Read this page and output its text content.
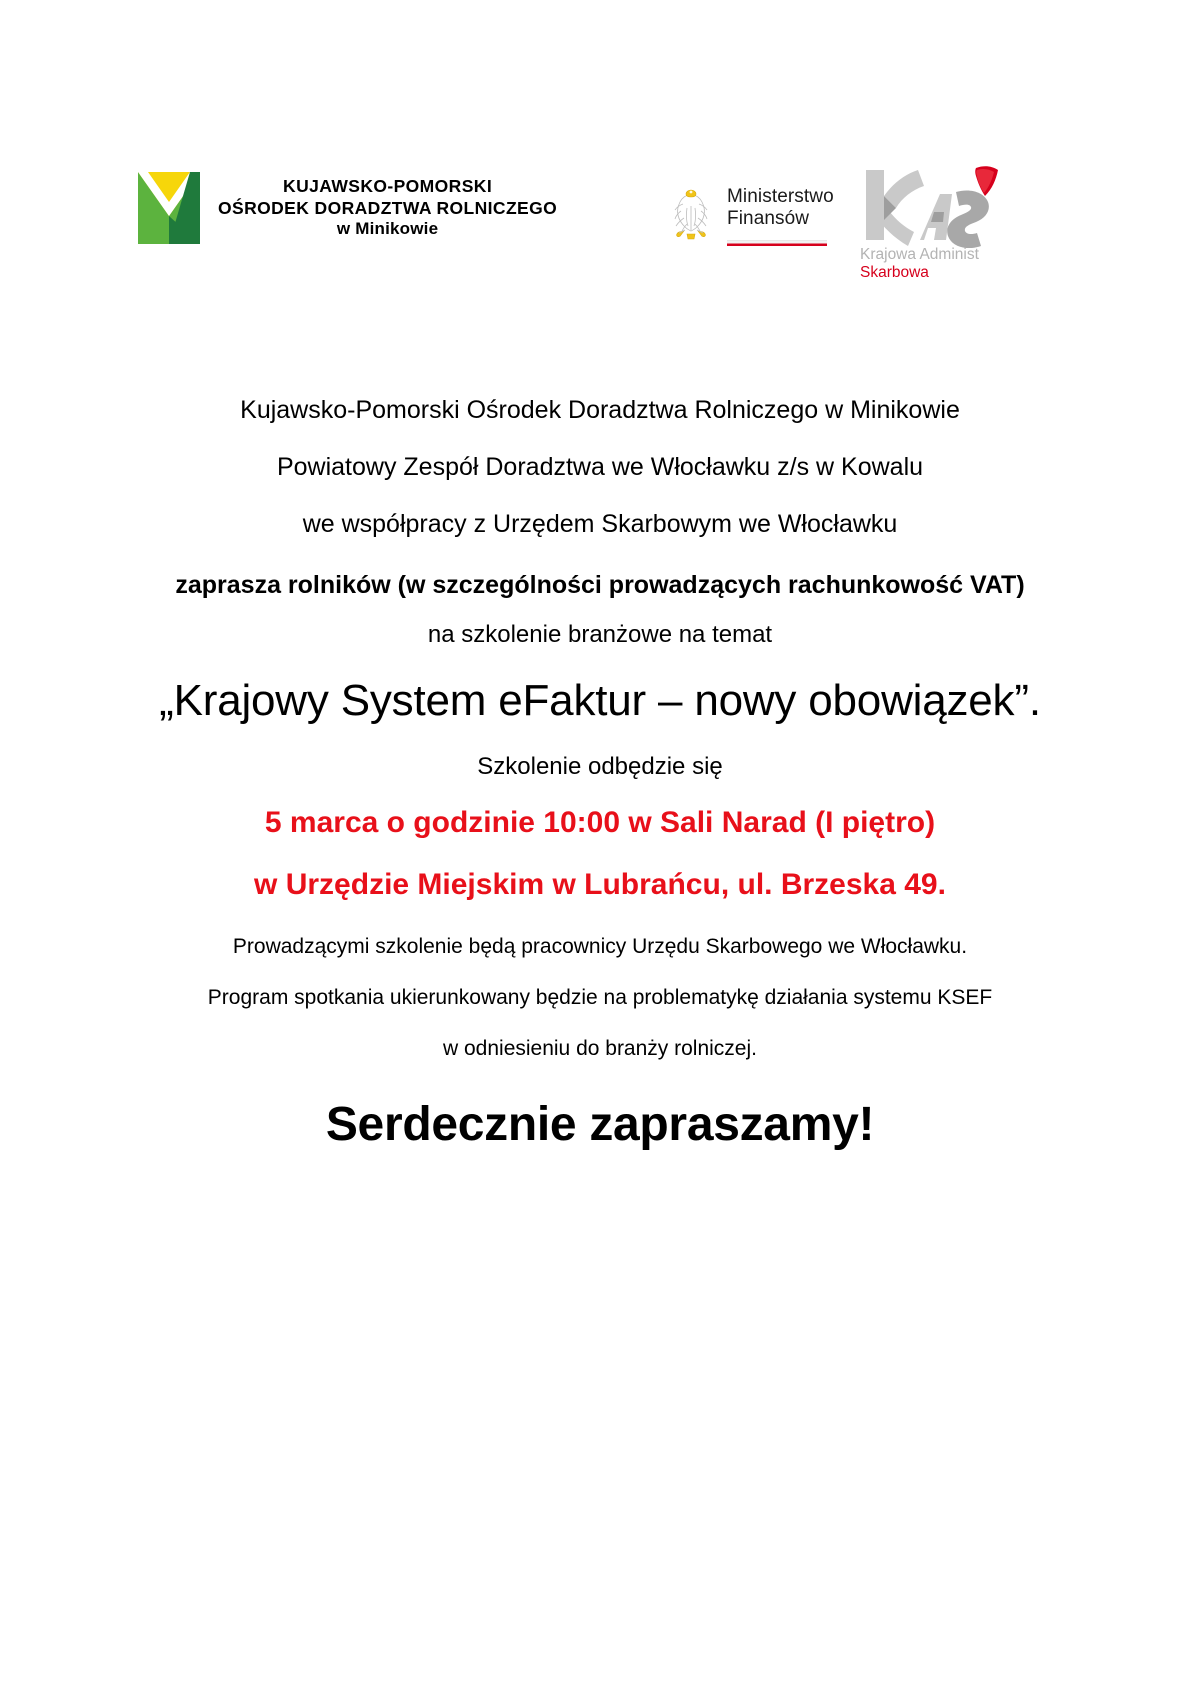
KUJAWSKO-POMORSKI
OŚRODEK DORADZTWA ROLNICZEGO
w Minikowie
Ministerstwo
Finansów
Krajowa Administ
Skarbowa
Kujawsko-Pomorski Ośrodek Doradztwa Rolniczego w Minikowie
Powiatowy Zespół Doradztwa we Włocławku z/s w Kowalu
we współpracy z Urzędem Skarbowym we Włocławku
zaprasza rolników (w szczególności prowadzących rachunkowość VAT)
na szkolenie branżowe na temat
„Krajowy System eFaktur – nowy obowiązek”.
Szkolenie odbędzie się
5 marca o godzinie 10:00 w Sali Narad (I piętro)
w Urzędzie Miejskim w Lubrańcu, ul. Brzeska 49.
Prowadzącymi szkolenie będą pracownicy Urzędu Skarbowego we Włocławku.
Program spotkania ukierunkowany będzie na problematykę działania systemu KSEF
w odniesieniu do branży rolniczej.
Serdecznie zapraszamy!
